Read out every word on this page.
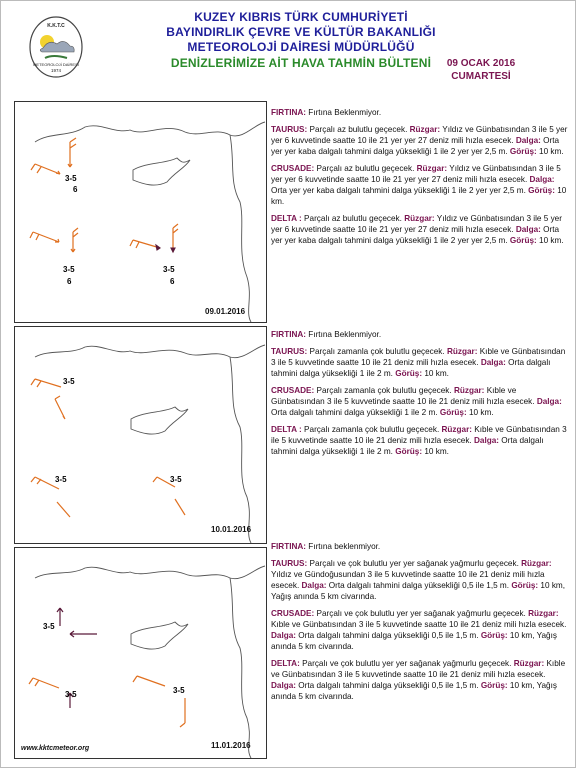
K.K.T.C
METEOROLOJİ DAİRESİ
1974
KUZEY KIBRIS TÜRK CUMHURİYETİ
BAYINDIRLIK ÇEVRE VE KÜLTÜR BAKANLIĞI
METEOROLOJİ DAİRESİ MÜDÜRLÜĞÜ
DENİZLERİMİZE AİT HAVA TAHMİN BÜLTENİ	09 OCAK 2016
CUMARTESİ
3-5
6
3-5
6
3-5
6
09.01.2016
3-5
3-5	3-5
10.01.2016
3-5
3-5	3-5
www.kktcmeteor.org	11.01.2016

FIRTINA: Fırtına Beklenmiyor.

TAURUS: Parçalı az bulutlu geçecek. Rüzgar: Yıldız ve Günbatısından 3 ile 5 yer yer 6 kuvvetinde saatte 10 ile 21 yer yer 27 deniz mili hızla esecek. Dalga: Orta yer yer kaba dalgalı tahmini dalga yüksekliği 1 ile 2 yer yer 2,5 m. Görüş: 10 km.

CRUSADE: Parçalı az bulutlu geçecek. Rüzgar: Yıldız ve Günbatısından 3 ile 5 yer yer 6 kuvvetinde saatte 10 ile 21 yer yer 27 deniz mili hızla esecek. Dalga: Orta yer yer kaba dalgalı tahmini dalga yüksekliği 1 ile 2 yer yer 2,5 m. Görüş: 10 km.

DELTA : Parçalı az bulutlu geçecek. Rüzgar: Yıldız ve Günbatısından 3 ile 5 yer yer 6 kuvvetinde saatte 10 ile 21 yer yer 27 deniz mili hızla esecek. Dalga: Orta yer yer kaba dalgalı tahmini dalga yüksekliği 1 ile 2 yer yer 2,5 m. Görüş: 10 km.

FIRTINA: Fırtına Beklenmiyor.

TAURUS: Parçalı zamanla çok bulutlu geçecek. Rüzgar: Kıble ve Günbatısından 3 ile 5 kuvvetinde saatte 10 ile 21 deniz mili hızla esecek. Dalga: Orta dalgalı tahmini dalga yüksekliği 1 ile 2 m. Görüş: 10 km.

CRUSADE: Parçalı zamanla çok bulutlu geçecek. Rüzgar: Kıble ve Günbatısından 3 ile 5 kuvvetinde saatte 10 ile 21 deniz mili hızla esecek. Dalga: Orta dalgalı tahmini dalga yüksekliği 1 ile 2 m. Görüş: 10 km.

DELTA : Parçalı zamanla çok bulutlu geçecek. Rüzgar: Kıble ve Günbatısından 3 ile 5 kuvvetinde saatte 10 ile 21 deniz mili hızla esecek. Dalga: Orta dalgalı tahmini dalga yüksekliği 1 ile 2 m. Görüş: 10 km.

FIRTINA: Fırtına beklenmiyor.

TAURUS: Parçalı ve çok bulutlu yer yer sağanak yağmurlu geçecek. Rüzgar: Yıldız ve Gündoğusundan 3 ile 5 kuvvetinde saatte 10 ile 21 deniz mili hızla esecek. Dalga: Orta dalgalı tahmini dalga yüksekliği 0,5 ile 1,5 m. Görüş: 10 km, Yağış anında 5 km civarında.

CRUSADE: Parçalı ve çok bulutlu yer yer sağanak yağmurlu geçecek. Rüzgar: Kıble ve Günbatısından 3 ile 5 kuvvetinde saatte 10 ile 21 deniz mili hızla esecek. Dalga: Orta dalgalı tahmini dalga yüksekliği 0,5 ile 1,5 m. Görüş: 10 km, Yağış anında 5 km civarında.

DELTA: Parçalı ve çok bulutlu yer yer sağanak yağmurlu geçecek. Rüzgar: Kıble ve Günbatısından 3 ile 5 kuvvetinde saatte 10 ile 21 deniz mili hızla esecek. Dalga: Orta dalgalı tahmini dalga yüksekliği 0,5 ile 1,5 m. Görüş: 10 km, Yağış anında 5 km civarında.
